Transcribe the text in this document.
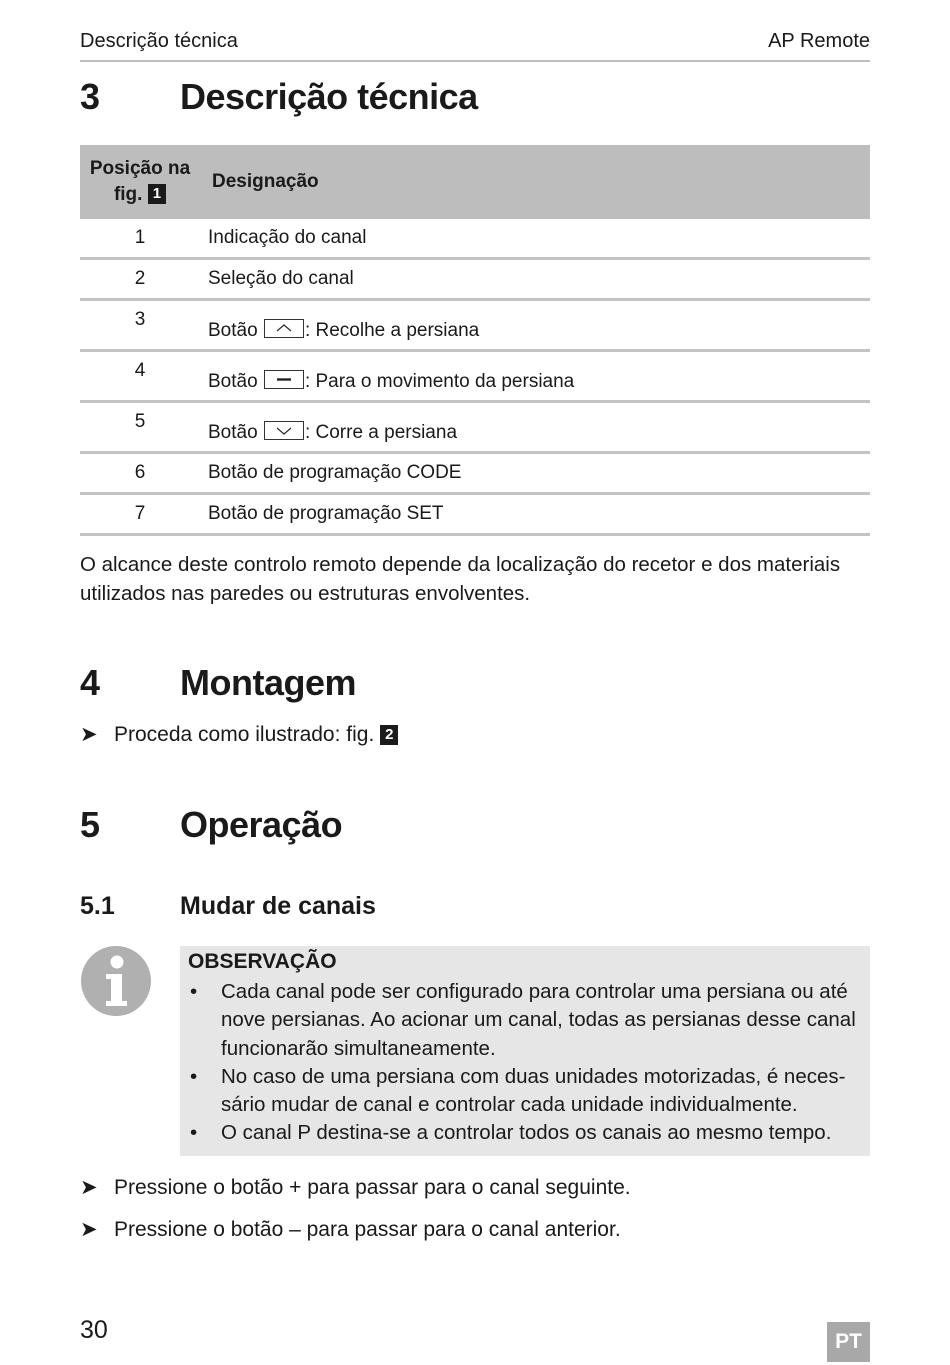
Descrição técnica	AP Remote
3 Descrição técnica
Posição na
fig. 1	Designação
1	Indicação do canal
2	Seleção do canal
3	Botão : Recolhe a persiana
4	Botão : Para o movimento da persiana
5	Botão : Corre a persiana
6	Botão de programação CODE
7	Botão de programação SET

O alcance deste controlo remoto depende da localização do recetor e dos materiais utilizados nas paredes ou estruturas envolventes.

4 Montagem
➤ Proceda como ilustrado: fig. 2
5 Operação
5.1	Mudar de canais
OBSERVAÇÃO
• Cada canal pode ser configurado para controlar uma persiana ou até nove persianas. Ao acionar um canal, todas as persianas desse canal funcionarão simultaneamente.
• No caso de uma persiana com duas unidades motorizadas, é neces-sário mudar de canal e controlar cada unidade individualmente.
• O canal P destina-se a controlar todos os canais ao mesmo tempo.
➤ Pressione o botão + para passar para o canal seguinte.
➤ Pressione o botão – para passar para o canal anterior.
30	PT
